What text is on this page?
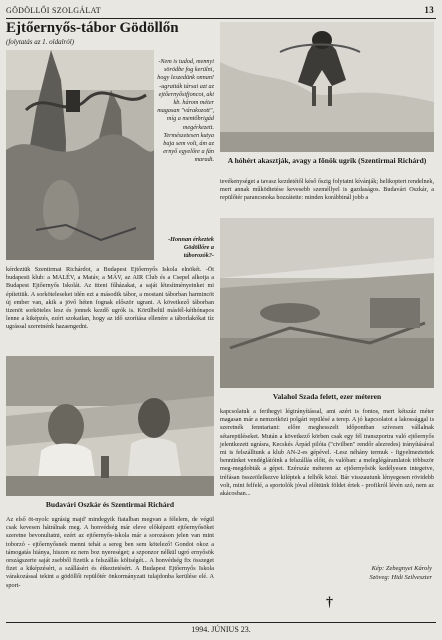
GÖDÖLLŐI SZOLGÁLAT	13
Ejtőernyős-tábor Gödöllőn
(folytatás az 1. oldalról)
-Nem is tudod, mennyi sörödbe fog kerülni, hogy leszedünk onnan! -ugratták társai azt az ejtőernyősifjoncot, aki kb. három méter magasan "várakozott", míg a mentőbrigád megérkezett. Természetesen kutya baja sem volt, ám az ernyő egyelőre a fán maradt.
-Honnan érkeztek Gödöllőre a táborozók?-
kérdeztük Szentirmai Richárdot, a Budapest Ejtőernyős Iskola elnökét. -Öt budapesti klub: a MALÉV, a Matáv, a MÁV, az AIR Club és a Csepel alkotja a Budapest Ejtőernyős Iskolát. Az itteni fűházakat, a saját létesítményeinket mi építettük. A sorköteleseket idén ezt a második tábor, a mostani táborban harmincöt új ember van, akik a jövő héten fognak először ugrani. A következő táborban tizenöt sorköteles lesz és jonnek kezdő ugrók is. Körülbelül másfél-kéthónapos lenne a kiképzés, ezért szokatlan, hogy az idő szorítása ellenére a táborlakókat tíz ugrással szeretnénk hazaengedni.
Budavári Oszkár és Szentirmai Richárd
Az első öt-nyolc ugrásig majd' mindegyik fiatalban megvan a félelem, de végül csak kevesen hátrálnak meg. A honvédség már eleve előképzett ejtőernyősöket szeretne bevonultatni, ezért az ejtőernyős-iskola már a sorozáson jelen van mint toborzó - ejtőernyősnek menni tehát a sereg ben sem kötelező! Gondot okoz a támogatás hiánya, hiszen ez nem boz nyereséget; a szponzor nélkül ugró ernyősök országszerte saját zsebből fizetik a felszállás költségét... A honvédség fix összeget fizet a kiképzésért, a szállásért és étkeztetésért. A Budapest Ejtőernyős Iskola várakozással tekint a gödöllői repülőtér önkormányzati tulajdonba kerülése elé. A sport-
A hóhért akasztják, avagy a főnök ugrik (Szentirmai Richárd)
tevékenységet a tavasz kezdetétől késő őszig folytatni kívánják; helikoptert rendelnek, mert annak működtetése kevesebb személlyel is gazdaságos. Budavári Oszkár, a repülőtér parancsnoka hozzátette: minden korábbinál jobb a
Valahol Szada felett, ezer méteren
kapcsolatuk a ferihegyi légirányítással, ami azért is fontos, mert kétszáz méter magasan már a nemzetközi polgári repülésé a terep. A jó kapcsolatot a lakossággal is szeretnék fenntartani: előre meghesszelt időpontban szívesen vállalnak sétarepüléseket. Mután a következő körben csak egy fél transzportra való ejtőernyős jelentkezett ugrásra, Kecskés Árpád pilóta ("civilben" rendőr alezredes) irányításával mi is felszálltunk a klub AN-2-es gépével. -Lesz néhány termuk - figyelmeztettek bennünket vendéglátóink a felszállás előtt, és valóban: a meleglégáramlatok többször meg-megdobták a gépet. Ezérszáz méteren az ejtőernyősök kedélyesen integetve, tréfásan összeölelkezve kiléptek a felhők közé. Bár visszautunk lényegesen rövidebb volt, mint felfelé, a sportolók jóval előttünk földet értek - profikról lévén szó, nem az akácosban...
Kép: Zebegnyei Károly
Szöveg: Hidi Szilveszter
†
1994. JÚNIUS 23.
